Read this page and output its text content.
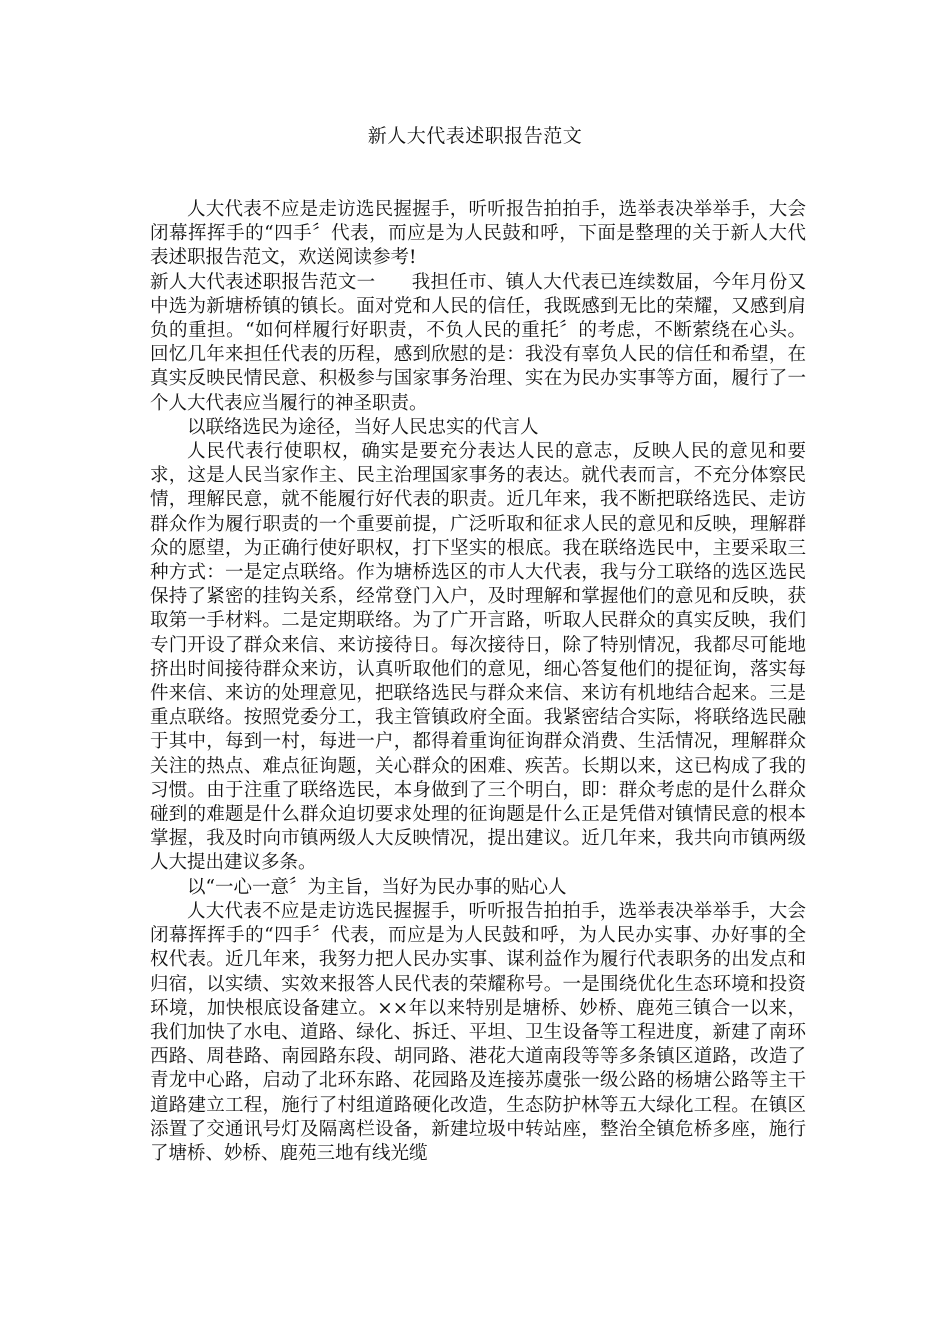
新人大代表述职报告范文

人大代表不应是走访选民握握手，听听报告拍拍手，选举表决举举手，大会闭幕挥挥手的“四手〞代表，而应是为人民鼓和呼，下面是整理的关于新人大代表述职报告范文，欢送阅读参考!

新人大代表述职报告范文一 我担任市、镇人大代表已连续数届，今年月份又中选为新塘桥镇的镇长。面对党和人民的信任，我既感到无比的荣耀，又感到肩负的重担。“如何样履行好职责，不负人民的重托〞的考虑，不断萦绕在心头。回忆几年来担任代表的历程，感到欣慰的是：我没有辜负人民的信任和希望，在真实反映民情民意、积极参与国家事务治理、实在为民办实事等方面，履行了一个人大代表应当履行的神圣职责。

以联络选民为途径，当好人民忠实的代言人

人民代表行使职权，确实是要充分表达人民的意志，反映人民的意见和要求，这是人民当家作主、民主治理国家事务的表达。就代表而言，不充分体察民情，理解民意，就不能履行好代表的职责。近几年来，我不断把联络选民、走访群众作为履行职责的一个重要前提，广泛听取和征求人民的意见和反映，理解群众的愿望，为正确行使好职权，打下坚实的根底。我在联络选民中，主要采取三种方式：一是定点联络。作为塘桥选区的市人大代表，我与分工联络的选区选民保持了紧密的挂钩关系，经常登门入户，及时理解和掌握他们的意见和反映，获取第一手材料。二是定期联络。为了广开言路，听取人民群众的真实反映，我们专门开设了群众来信、来访接待日。每次接待日，除了特别情况，我都尽可能地挤出时间接待群众来访，认真听取他们的意见，细心答复他们的提征询，落实每件来信、来访的处理意见，把联络选民与群众来信、来访有机地结合起来。三是重点联络。按照党委分工，我主管镇政府全面。我紧密结合实际，将联络选民融于其中，每到一村，每进一户，都得着重询征询群众消费、生活情况，理解群众关注的热点、难点征询题，关心群众的困难、疾苦。长期以来，这已构成了我的习惯。由于注重了联络选民，本身做到了三个明白，即：群众考虑的是什么群众碰到的难题是什么群众迫切要求处理的征询题是什么正是凭借对镇情民意的根本掌握，我及时向市镇两级人大反映情况，提出建议。近几年来，我共向市镇两级人大提出建议多条。

以“一心一意〞为主旨，当好为民办事的贴心人

人大代表不应是走访选民握握手，听听报告拍拍手，选举表决举举手，大会闭幕挥挥手的“四手〞代表，而应是为人民鼓和呼，为人民办实事、办好事的全权代表。近几年来，我努力把人民办实事、谋利益作为履行代表职务的出发点和归宿，以实绩、实效来报答人民代表的荣耀称号。一是围绕优化生态环境和投资环境，加快根底设备建立。××年以来特别是塘桥、妙桥、鹿苑三镇合一以来，我们加快了水电、道路、绿化、拆迁、平坦、卫生设备等工程进度，新建了南环西路、周巷路、南园路东段、胡同路、港花大道南段等等多条镇区道路，改造了青龙中心路，启动了北环东路、花园路及连接苏虞张一级公路的杨塘公路等主干道路建立工程，施行了村组道路硬化改造，生态防护林等五大绿化工程。在镇区添置了交通讯号灯及隔离栏设备，新建垃圾中转站座，整治全镇危桥多座，施行了塘桥、妙桥、鹿苑三地有线光缆
